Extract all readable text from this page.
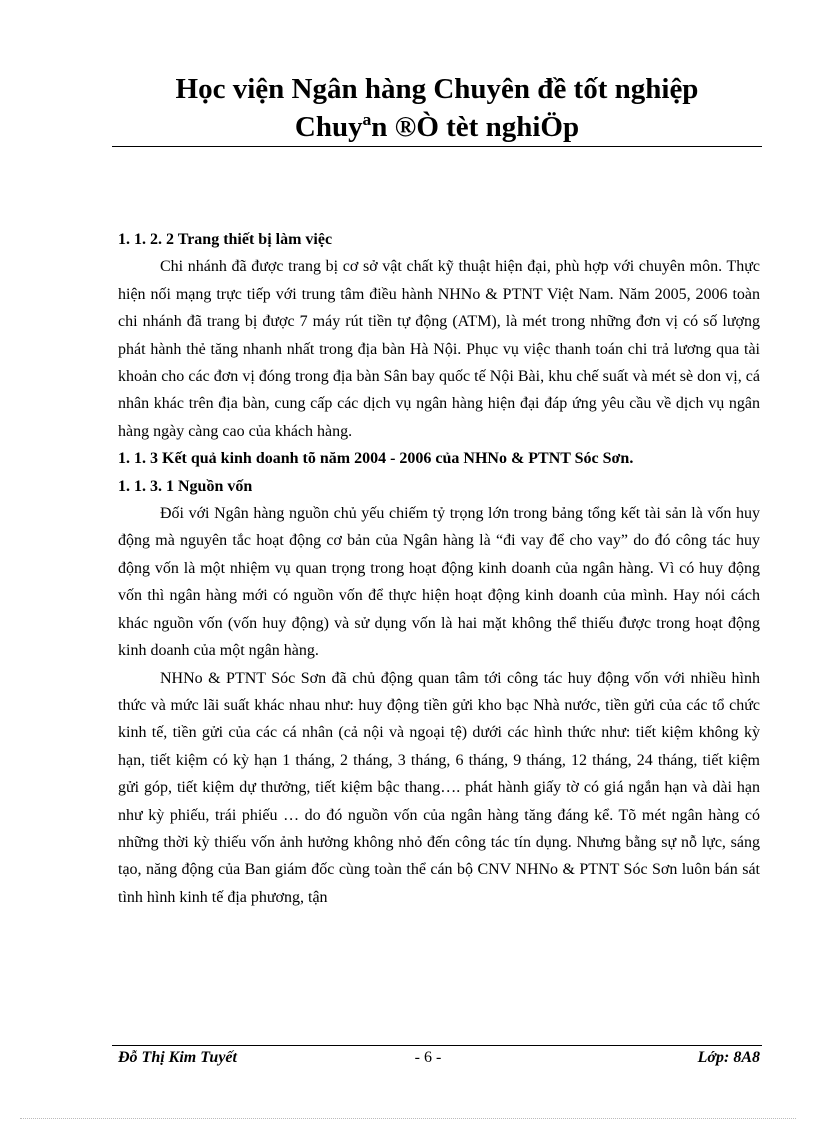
Học viện Ngân hàng Chuyên đề tốt nghiệp
Chuyªn ®Ò tèt nghiÖp

1. 1. 2. 2 Trang thiết bị làm việc

Chi nhánh đã được trang bị cơ sở vật chất kỹ thuật hiện đại, phù hợp với chuyên môn. Thực hiện nối mạng trực tiếp với trung tâm điều hành NHNo & PTNT Việt Nam. Năm 2005, 2006 toàn chi nhánh đã trang bị được 7 máy rút tiền tự động (ATM), là mét trong những đơn vị có số lượng phát hành thẻ tăng nhanh nhất trong địa bàn Hà Nội. Phục vụ việc thanh toán chi trả lương qua tài khoản cho các đơn vị đóng trong địa bàn Sân bay quốc tế Nội Bài, khu chế suất và mét sè don vị, cá nhân khác trên địa bàn, cung cấp các dịch vụ ngân hàng hiện đại đáp ứng yêu cầu về dịch vụ ngân hàng ngày càng cao của khách hàng.

1. 1. 3 Kết quả kinh doanh tõ năm 2004 - 2006 của NHNo & PTNT Sóc Sơn.

1. 1. 3. 1 Nguồn vốn

Đối với Ngân hàng nguồn chủ yếu chiếm tỷ trọng lớn trong bảng tổng kết tài sản là vốn huy động mà nguyên tắc hoạt động cơ bản của Ngân hàng là “đi vay để cho vay” do đó công tác huy động vốn là một nhiệm vụ quan trọng trong hoạt động kinh doanh của ngân hàng. Vì có huy động vốn thì ngân hàng mới có nguồn vốn để thực hiện hoạt động kinh doanh của mình. Hay nói cách khác nguồn vốn (vốn huy động) và sử dụng vốn là hai mặt không thể thiếu được trong hoạt động kinh doanh của một ngân hàng.

NHNo & PTNT Sóc Sơn đã chủ động quan tâm tới công tác huy động vốn với nhiều hình thức và mức lãi suất khác nhau như: huy động tiền gửi kho bạc Nhà nước, tiền gửi của các tổ chức kinh tế, tiền gửi của các cá nhân (cả nội và ngoại tệ) dưới các hình thức như: tiết kiệm không kỳ hạn, tiết kiệm có kỳ hạn 1 tháng, 2 tháng, 3 tháng, 6 tháng, 9 tháng, 12 tháng, 24 tháng, tiết kiệm gửi góp, tiết kiệm dự thưởng, tiết kiệm bậc thang…. phát hành giấy tờ có giá ngắn hạn và dài hạn như kỳ phiếu, trái phiếu … do đó nguồn vốn của ngân hàng tăng đáng kể. Tõ mét ngân hàng có những thời kỳ thiếu vốn ảnh hưởng không nhỏ đến công tác tín dụng. Nhưng bằng sự nỗ lực, sáng tạo, năng động của Ban giám đốc cùng toàn thể cán bộ CNV NHNo & PTNT Sóc Sơn luôn bán sát tình hình kinh tế địa phương, tận

Đỗ Thị Kim Tuyết	- 6 -	Lớp: 8A8
